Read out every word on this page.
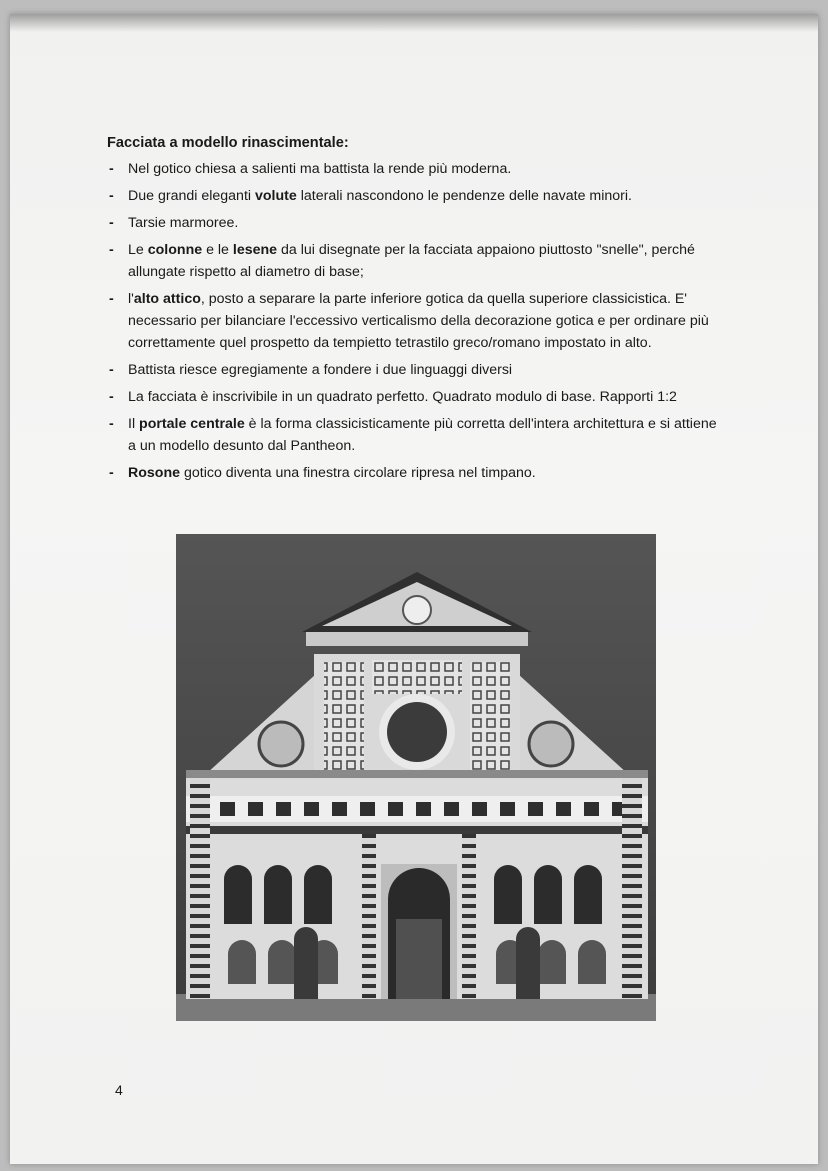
Facciata a modello rinascimentale:

- Nel gotico chiesa a salienti ma battista la rende più moderna.
- Due grandi eleganti volute laterali nascondono le pendenze delle navate minori.
- Tarsie marmoree.
- Le colonne e le lesene da lui disegnate per la facciata appaiono piuttosto "snelle", perché allungate rispetto al diametro di base;
- l'alto attico, posto a separare la parte inferiore gotica da quella superiore classicistica. E' necessario per bilanciare l'eccessivo verticalismo della decorazione gotica e per ordinare più correttamente quel prospetto da tempietto tetrastilo greco/romano impostato in alto.
- Battista riesce egregiamente a fondere i due linguaggi diversi
- La facciata è inscrivibile in un quadrato perfetto. Quadrato modulo di base. Rapporti 1:2
- Il portale centrale è la forma classicisticamente più corretta dell'intera architettura e si attiene a un modello desunto dal Pantheon.
- Rosone gotico diventa una finestra circolare ripresa nel timpano.
4
